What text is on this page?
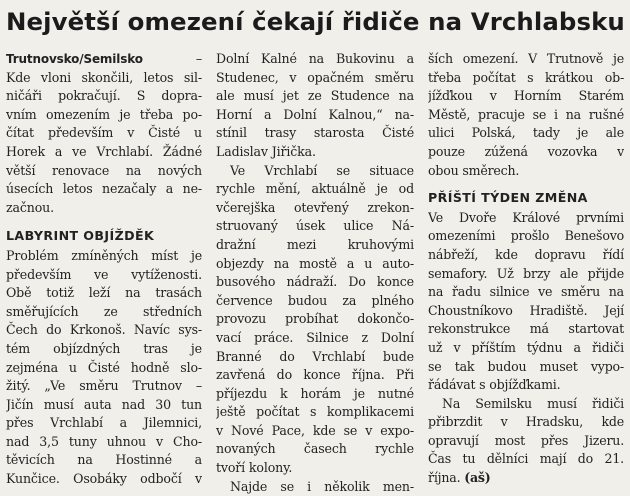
Největší omezení čekají řidiče na Vrchlabsku
Trutnovsko/Semilsko –
Kde vloni skončili, letos sil-
ničáři pokračují. S dopra-
vním omezením je třeba po-
čítat především v Čisté u
Horek a ve Vrchlabí. Žádné
větší renovace na nových
úsecích letos nezačaly a ne-
začnou.
LABYRINT OBJÍŽDĚK
Problém zmíněných míst je
především ve vytíženosti.
Obě totiž leží na trasách
směřujících ze středních
Čech do Krkonoš. Navíc sys-
tém objízdných tras je
zejména u Čisté hodně slo-
žitý. „Ve směru Trutnov –
Jičín musí auta nad 30 tun
přes Vrchlabí a Jilemnici,
nad 3,5 tuny uhnou v Cho-
těvicích na Hostinné a
Kunčice. Osobáky odbočí v
Dolní Kalné na Bukovinu a
Studenec, v opačném směru
ale musí jet ze Studence na
Horní a Dolní Kalnou,“ na-
stínil trasy starosta Čisté
Ladislav Jiřička.
Ve Vrchlabí se situace
rychle mění, aktuálně je od
včerejška otevřený zrekon-
struovaný úsek ulice Ná-
dražní mezi kruhovými
objezdy na mostě a u auto-
busového nádraží. Do konce
července budou za plného
provozu probíhat dokončo-
vací práce. Silnice z Dolní
Branné do Vrchlabí bude
zavřená do konce října. Při
příjezdu k horám je nutné
ještě počítat s komplikacemi
v Nové Pace, kde se v expo-
novaných časech rychle
tvoří kolony.
Najde se i několik men-
ších omezení. V Trutnově je
třeba počítat s krátkou ob-
jížďkou v Horním Starém
Městě, pracuje se i na rušné
ulici Polská, tady je ale
pouze zúžená vozovka v
obou směrech.
PŘÍŠTÍ TÝDEN ZMĚNA
Ve Dvoře Králové prvními
omezeními prošlo Benešovo
nábřeží, kde dopravu řídí
semafory. Už brzy ale přijde
na řadu silnice ve směru na
Choustníkovo Hradiště. Její
rekonstrukce má startovat
už v příštím týdnu a řidiči
se tak budou muset vypo-
řádávat s objížďkami.
Na Semilsku musí řidiči
přibrzdit v Hradsku, kde
opravují most přes Jizeru.
Čas tu dělníci mají do 21.
října. (aš)
